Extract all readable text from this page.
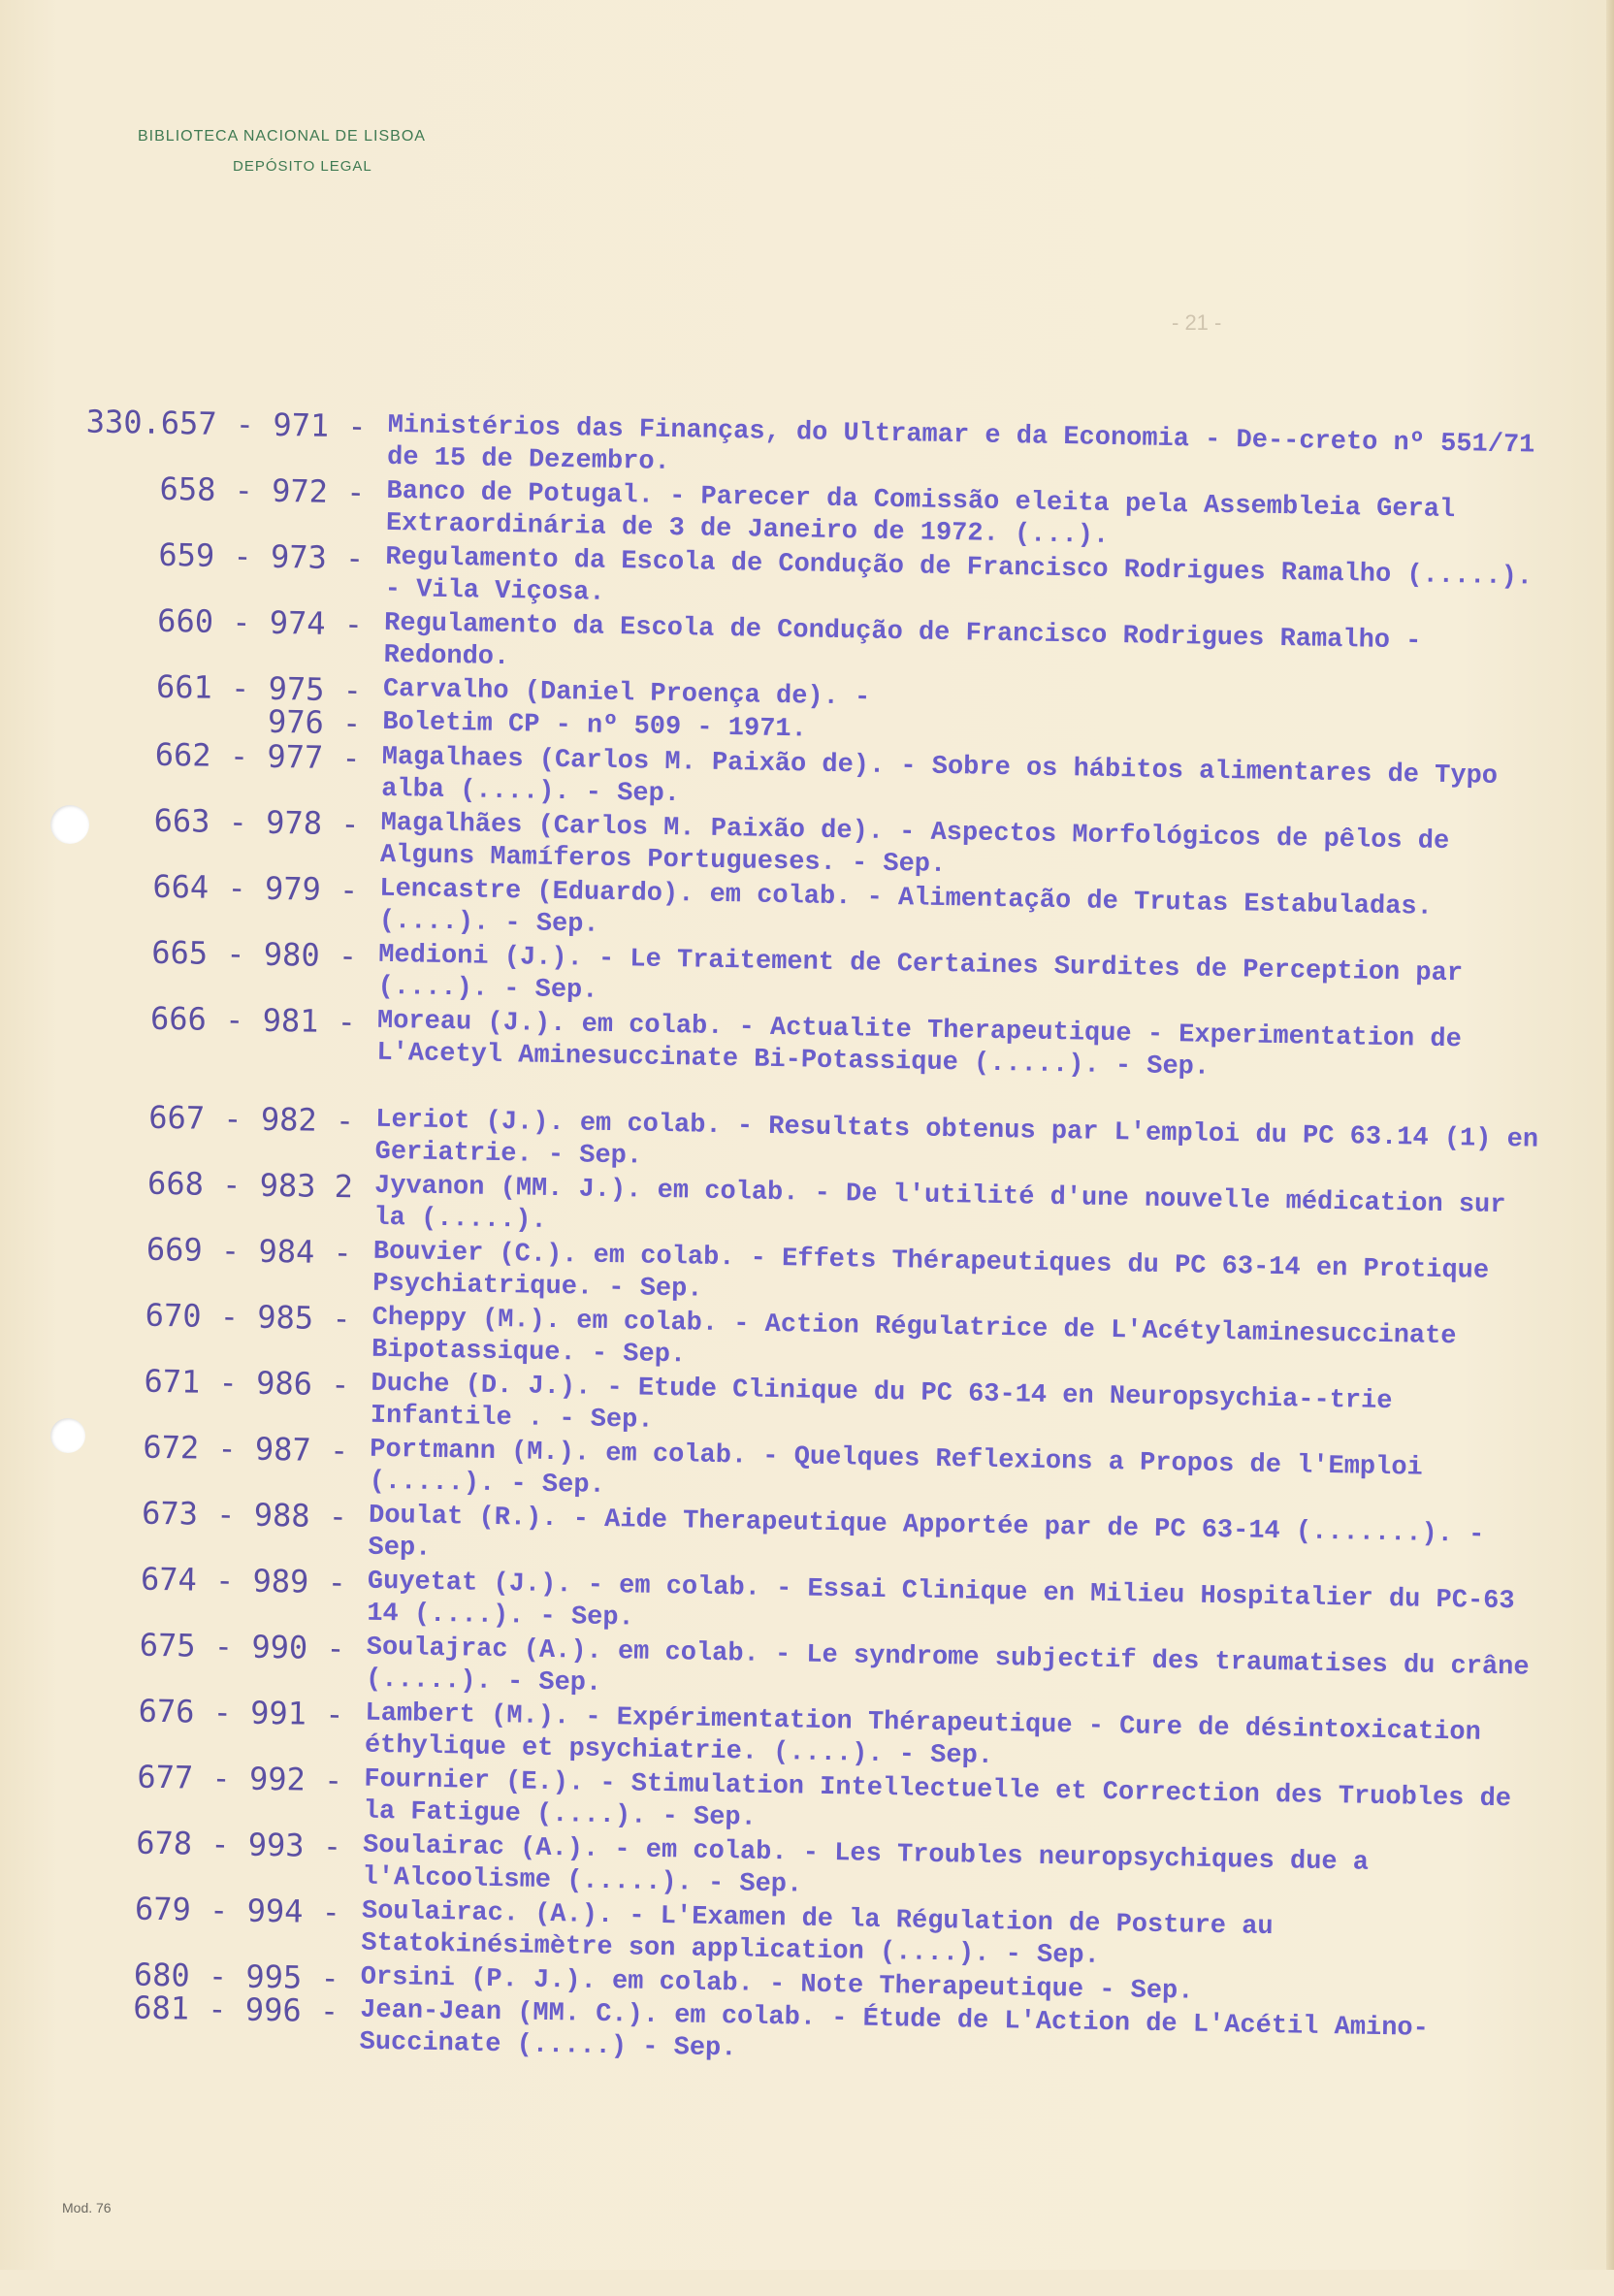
BIBLIOTECA NACIONAL DE LISBOA
DEPÓSITO LEGAL
- 21 -
330.657 - 971 - Ministérios das Finanças, do Ultramar e da Economia - De--creto nº 551/71 de 15 de Dezembro.
658 - 972 - Banco de Potugal. - Parecer da Comissão eleita pela Assembleia Geral Extraordinária de 3 de Janeiro de 1972. (...).
659 - 973 - Regulamento da Escola de Condução de Francisco Rodrigues Ramalho (.....). - Vila Viçosa.
660 - 974 - Regulamento da Escola de Condução de Francisco Rodrigues Ramalho - Redondo.
661 - 975 - Carvalho (Daniel Proença de). -
976 - Boletim CP - nº 509 - 1971.
662 - 977 - Magalhaes (Carlos M. Paixão de). - Sobre os hábitos alimentares de Typo alba (....). - Sep.
663 - 978 - Magalhães (Carlos M. Paixão de). - Aspectos Morfológicos de pêlos de Alguns Mamíferos Portugueses. - Sep.
664 - 979 - Lencastre (Eduardo). em colab. - Alimentação de Trutas Estabuladas. (....). - Sep.
665 - 980 - Medioni (J.). - Le Traitement de Certaines Surdites de Perception par (....). - Sep.
666 - 981 - Moreau (J.). em colab. - Actualite Therapeutique - Experimentation de L'Acetyl Aminesuccinate Bi-Potassique (.....). - Sep.
667 - 982 - Leriot (J.). em colab. - Resultats obtenus par L'emploi du PC 63.14 (1) en Geriatrie. - Sep.
668 - 983 2 Jyvanon (MM. J.). em colab. - De l'utilité d'une nouvelle médication sur la (.....).
669 - 984 - Bouvier (C.). em colab. - Effets Thérapeutiques du PC 63-14 en Protique Psychiatrique. - Sep.
670 - 985 - Cheppy (M.). em colab. - Action Régulatrice de L'Acétylaminesuccinate Bipotassique. - Sep.
671 - 986 - Duche (D. J.). - Etude Clinique du PC 63-14 en Neuropsychia--trie Infantile . - Sep.
672 - 987 - Portmann (M.). em colab. - Quelques Reflexions a Propos de l'Emploi (.....). - Sep.
673 - 988 - Doulat (R.). - Aide Therapeutique Apportée par de PC 63-14 (.......). - Sep.
674 - 989 - Guyetat (J.). - em colab. - Essai Clinique en Milieu Hospitalier du PC-63 14 (....). - Sep.
675 - 990 - Soulajrac (A.). em colab. - Le syndrome subjectif des traumatises du crâne (.....). - Sep.
676 - 991 - Lambert (M.). - Expérimentation Thérapeutique - Cure de désintoxication éthylique et psychiatrie. (....). - Sep.
677 - 992 - Fournier (E.). - Stimulation Intellectuelle et Correction des Truobles de la Fatigue (....). - Sep.
678 - 993 - Soulairac (A.). - em colab. - Les Troubles neuropsychiques due a l'Alcoolisme (.....). - Sep.
679 - 994 - Soulairac. (A.). - L'Examen de la Régulation de Posture au Statokinésimètre son application (....). - Sep.
680 - 995 - Orsini (P. J.). em colab. - Note Therapeutique - Sep.
681 - 996 - Jean-Jean (MM. C.). em colab. - Étude de L'Action de L'Acétil Amino-Succinate (.....) - Sep.
Mod. 76
